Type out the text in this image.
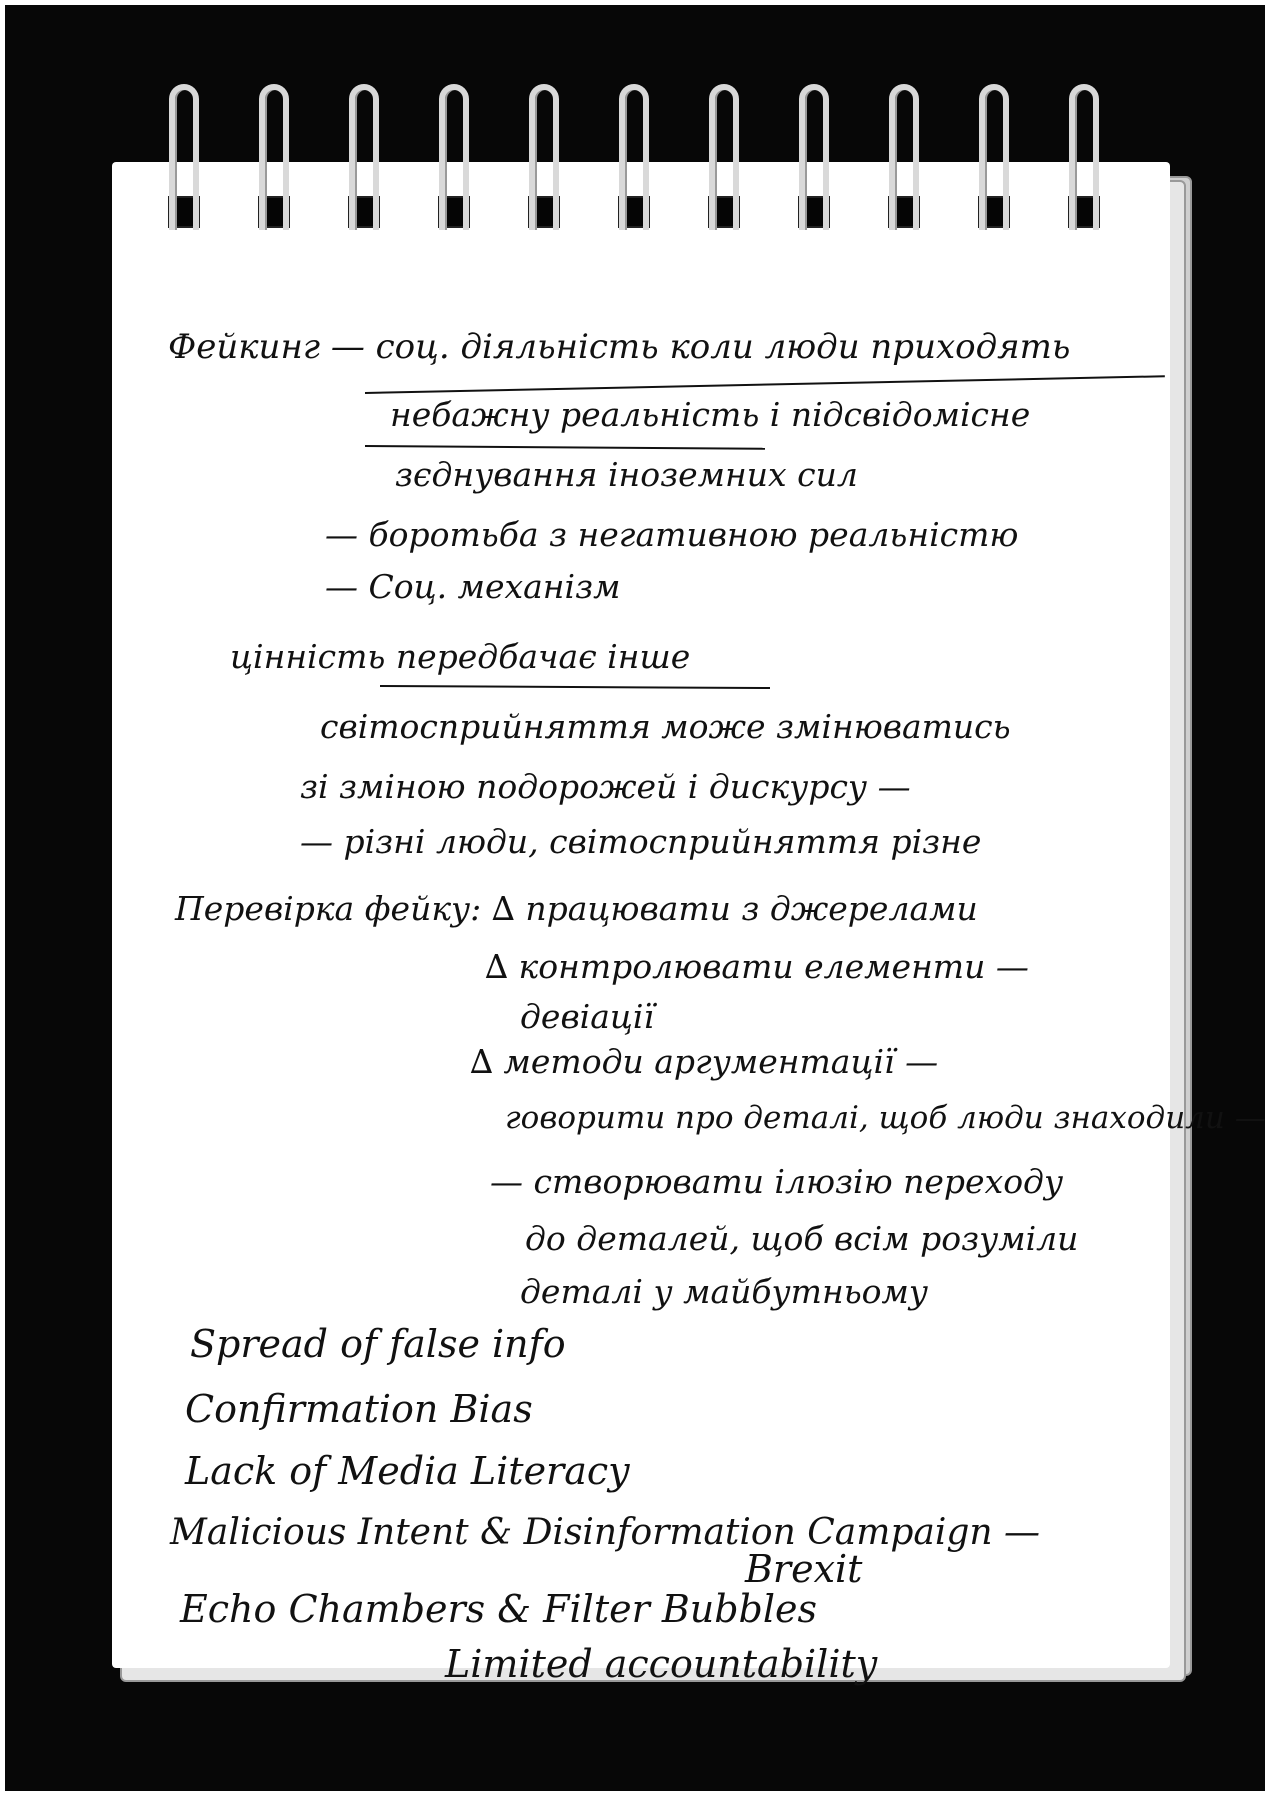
Фейкинг — соц. діяльність коли люди приходять

небажну реальність і підсвідомісне

зєднування іноземних сил

— боротьба з негативною реальністю

— Соц. механізм

цінність передбачає інше

світосприйняття може змінюватись

зі зміною подорожей і дискурсу —

— різні люди, світосприйняття різне

Перевірка фейку: ∆ працювати з джерелами

∆ контролювати елементи —

девіації

∆ методи аргументації —

говорити про деталі, щоб люди знаходили —

— створювати ілюзію переходу

до деталей, щоб всім розуміли

деталі у майбутньому

Spread of false info

Confirmation Bias

Lack of Media Literacy

Malicious Intent & Disinformation Campaign —

Brexit

Echo Chambers & Filter Bubbles

Limited accountability
